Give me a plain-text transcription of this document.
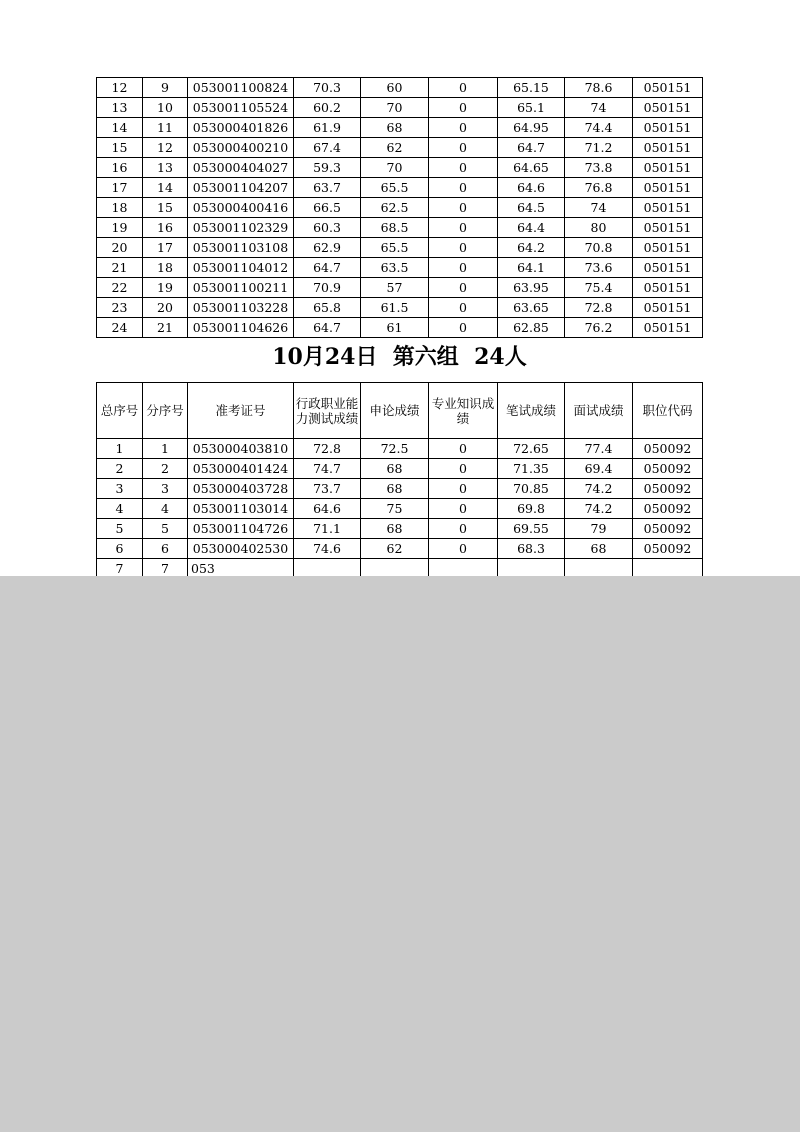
12	9	053001100824	70.3	60	0	65.15	78.6	050151
13	10	053001105524	60.2	70	0	65.1	74	050151
14	11	053000401826	61.9	68	0	64.95	74.4	050151
15	12	053000400210	67.4	62	0	64.7	71.2	050151
16	13	053000404027	59.3	70	0	64.65	73.8	050151
17	14	053001104207	63.7	65.5	0	64.6	76.8	050151
18	15	053000400416	66.5	62.5	0	64.5	74	050151
19	16	053001102329	60.3	68.5	0	64.4	80	050151
20	17	053001103108	62.9	65.5	0	64.2	70.8	050151
21	18	053001104012	64.7	63.5	0	64.1	73.6	050151
22	19	053001100211	70.9	57	0	63.95	75.4	050151
23	20	053001103228	65.8	61.5	0	63.65	72.8	050151
24	21	053001104626	64.7	61	0	62.85	76.2	050151
10月24日  第六组  24人
总序号	分序号	准考证号	行政职业能力测试成绩	申论成绩	专业知识成绩	笔试成绩	面试成绩	职位代码
1	1	053000403810	72.8	72.5	0	72.65	77.4	050092
2	2	053000401424	74.7	68	0	71.35	69.4	050092
3	3	053000403728	73.7	68	0	70.85	74.2	050092
4	4	053001103014	64.6	75	0	69.8	74.2	050092
5	5	053001104726	71.1	68	0	69.55	79	050092
6	6	053000402530	74.6	62	0	68.3	68	050092
7	7	053						
